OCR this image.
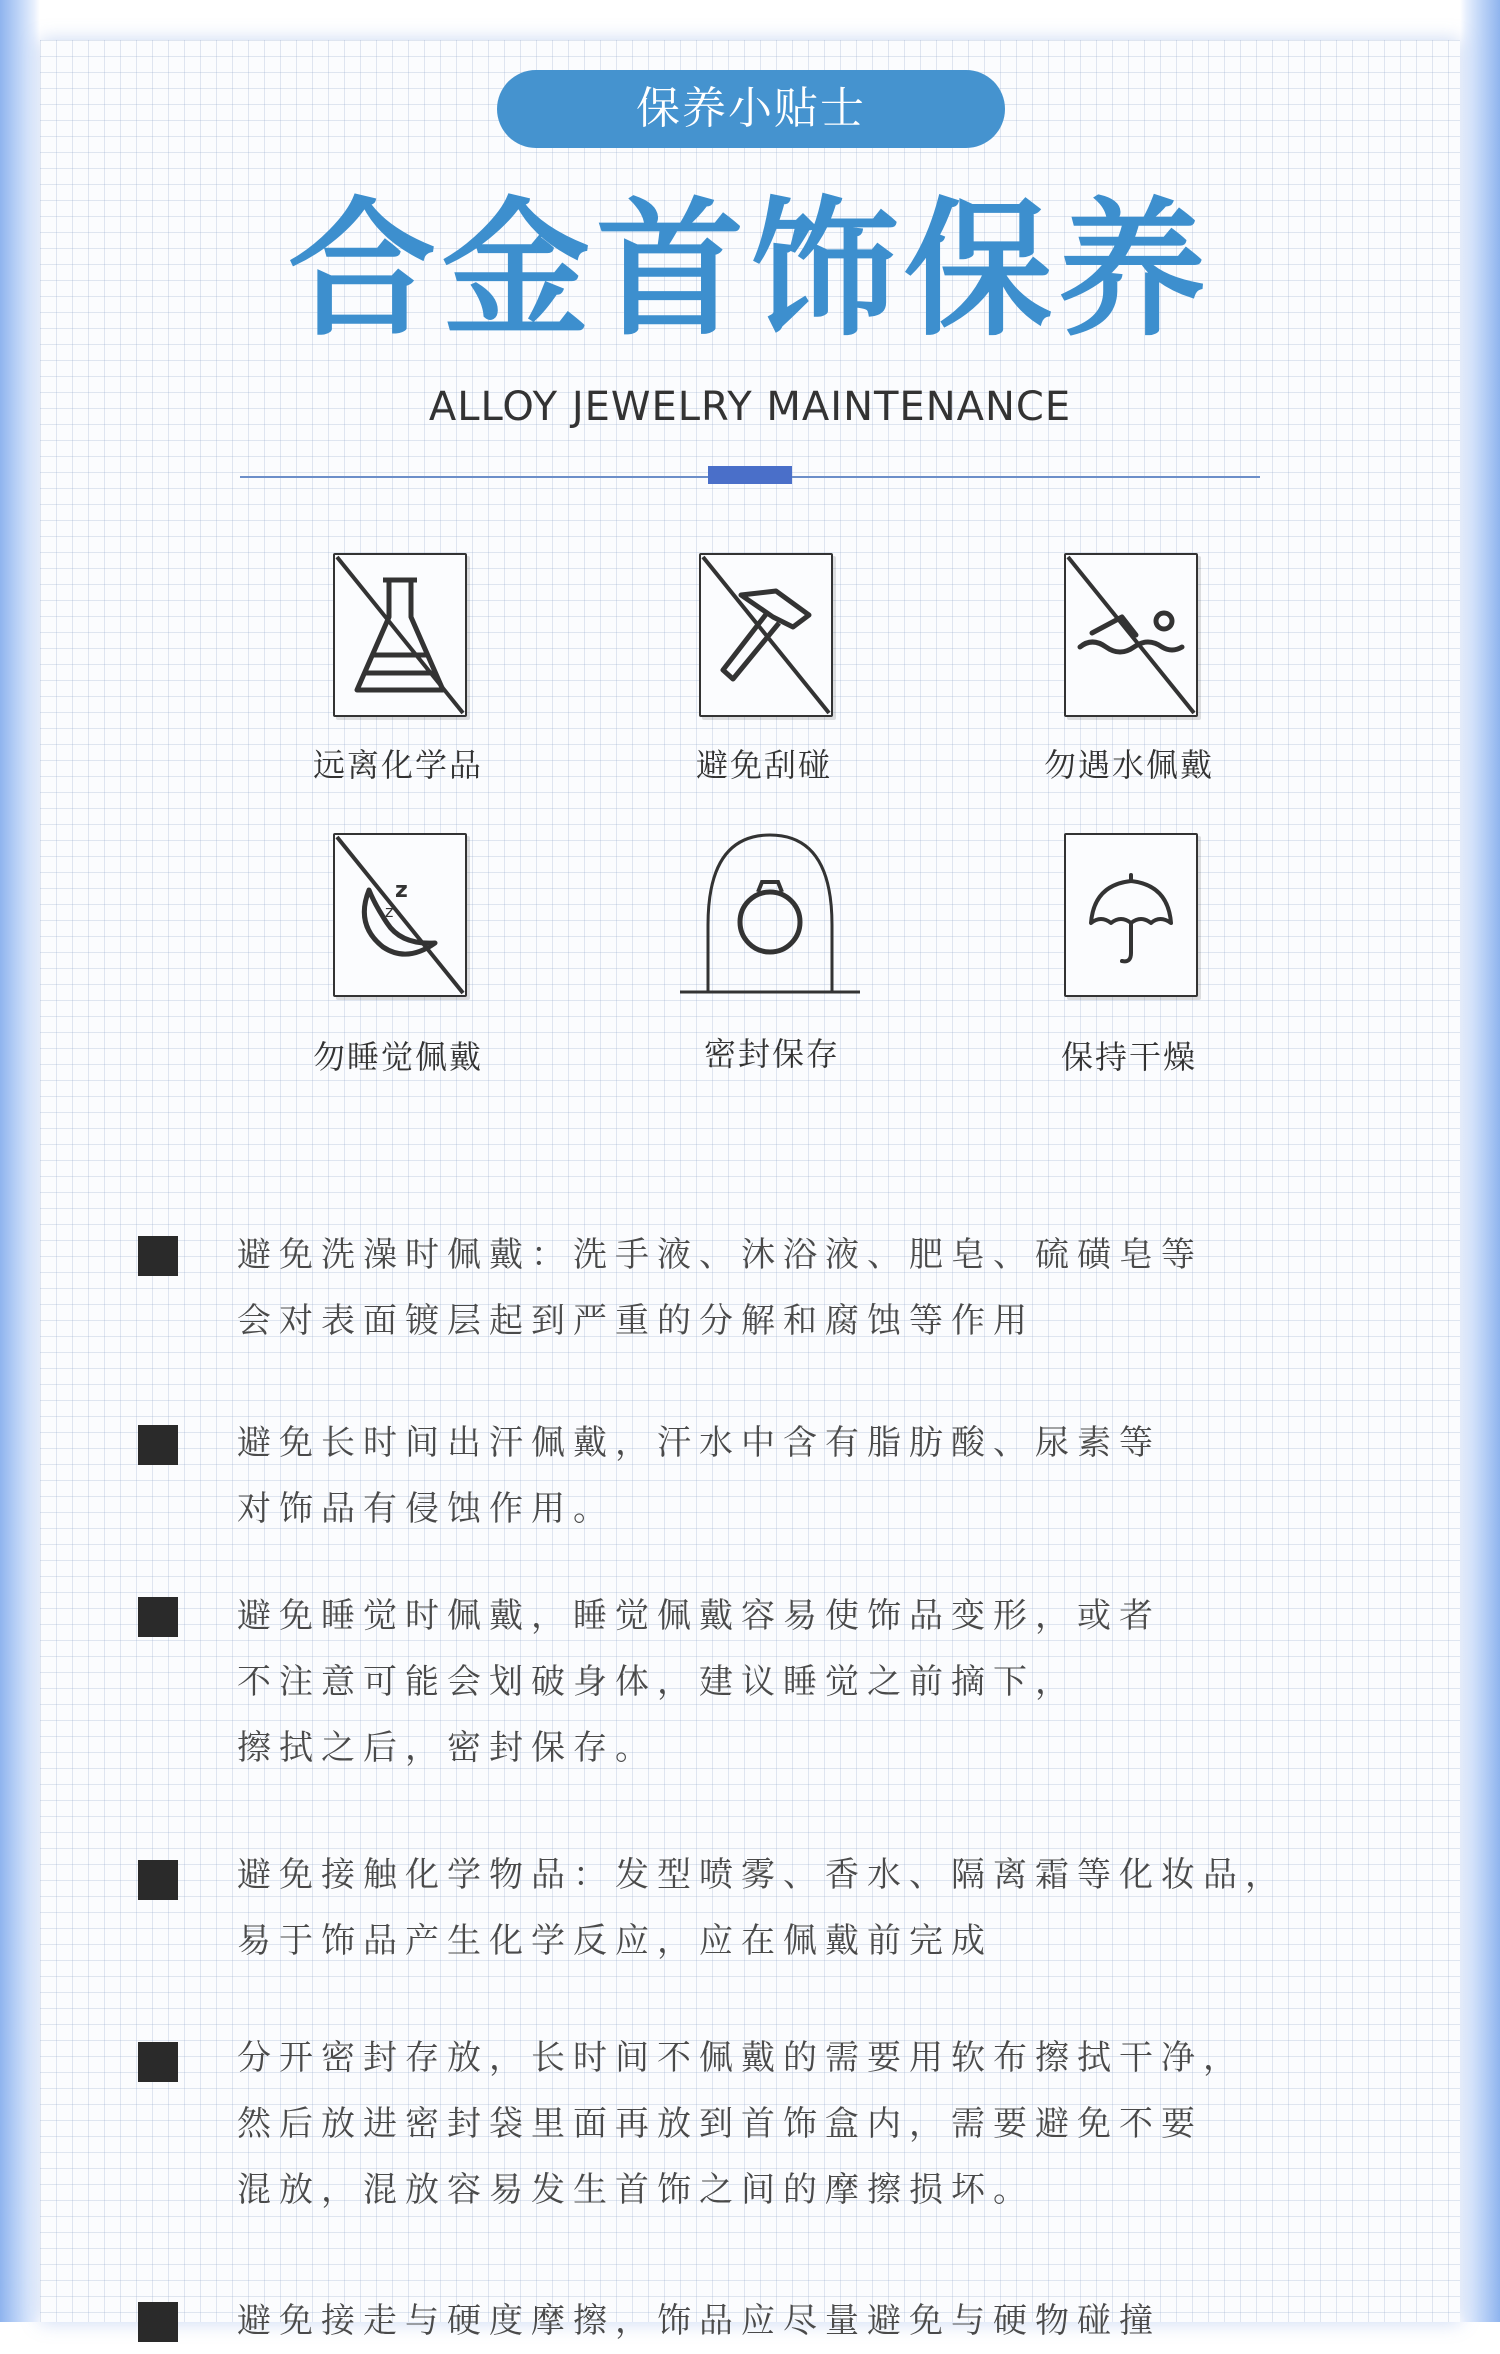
保养小贴士
合金首饰保养
ALLOY JEWELRY MAINTENANCE
远离化学品	避免刮碰	勿遇水佩戴
z
z
勿睡觉佩戴	密封保存	保持干燥
避免洗澡时佩戴：洗手液、沐浴液、肥皂、硫磺皂等
会对表面镀层起到严重的分解和腐蚀等作用
避免长时间出汗佩戴，汗水中含有脂肪酸、尿素等
对饰品有侵蚀作用。
避免睡觉时佩戴，睡觉佩戴容易使饰品变形，或者
不注意可能会划破身体，建议睡觉之前摘下，
擦拭之后，密封保存。
避免接触化学物品：发型喷雾、香水、隔离霜等化妆品，
易于饰品产生化学反应，应在佩戴前完成
分开密封存放，长时间不佩戴的需要用软布擦拭干净，
然后放进密封袋里面再放到首饰盒内，需要避免不要
混放，混放容易发生首饰之间的摩擦损坏。
避免接走与硬度摩擦，饰品应尽量避免与硬物碰撞
